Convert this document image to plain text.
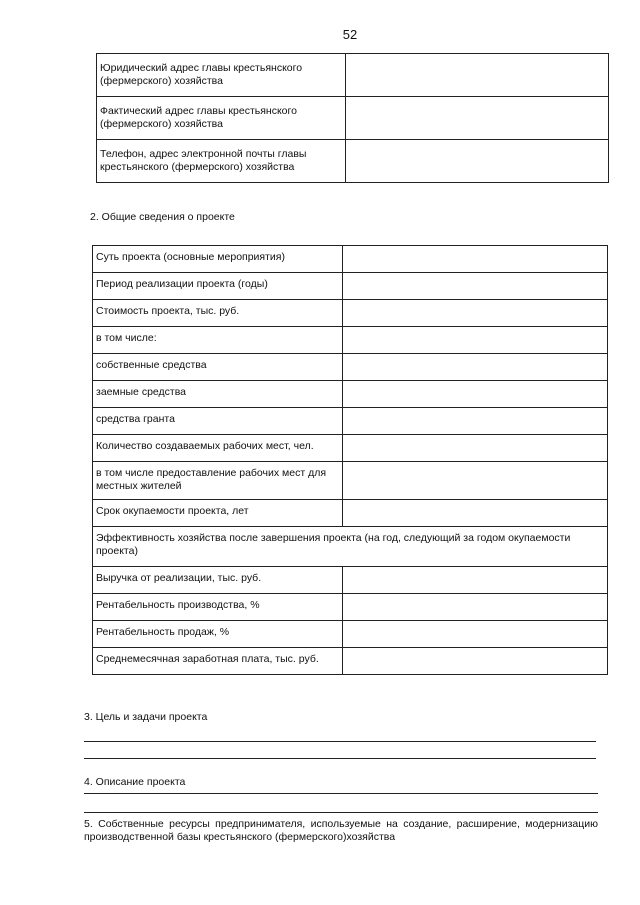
52
Юридический адрес главы крестьянского (фермерского) хозяйства	
Фактический адрес главы крестьянского (фермерского) хозяйства	
Телефон, адрес электронной почты главы крестьянского (фермерского) хозяйства	
2. Общие сведения о проекте
Суть проекта (основные мероприятия)	
Период реализации проекта (годы)	
Стоимость проекта, тыс. руб.	
в том числе:	
собственные средства	
заемные средства	
средства гранта	
Количество создаваемых рабочих мест, чел.	
в том числе предоставление рабочих мест для местных жителей	
Срок окупаемости проекта, лет	
Эффективность хозяйства после завершения проекта (на год, следующий за годом окупаемости проекта)	
Выручка от реализации, тыс. руб.	
Рентабельность производства, %	
Рентабельность продаж, %	
Среднемесячная заработная плата, тыс. руб.	
3. Цель и задачи проекта
4. Описание проекта
5. Собственные ресурсы предпринимателя, используемые на создание, расширение, модернизацию производственной базы крестьянского (фермерского)хозяйства
